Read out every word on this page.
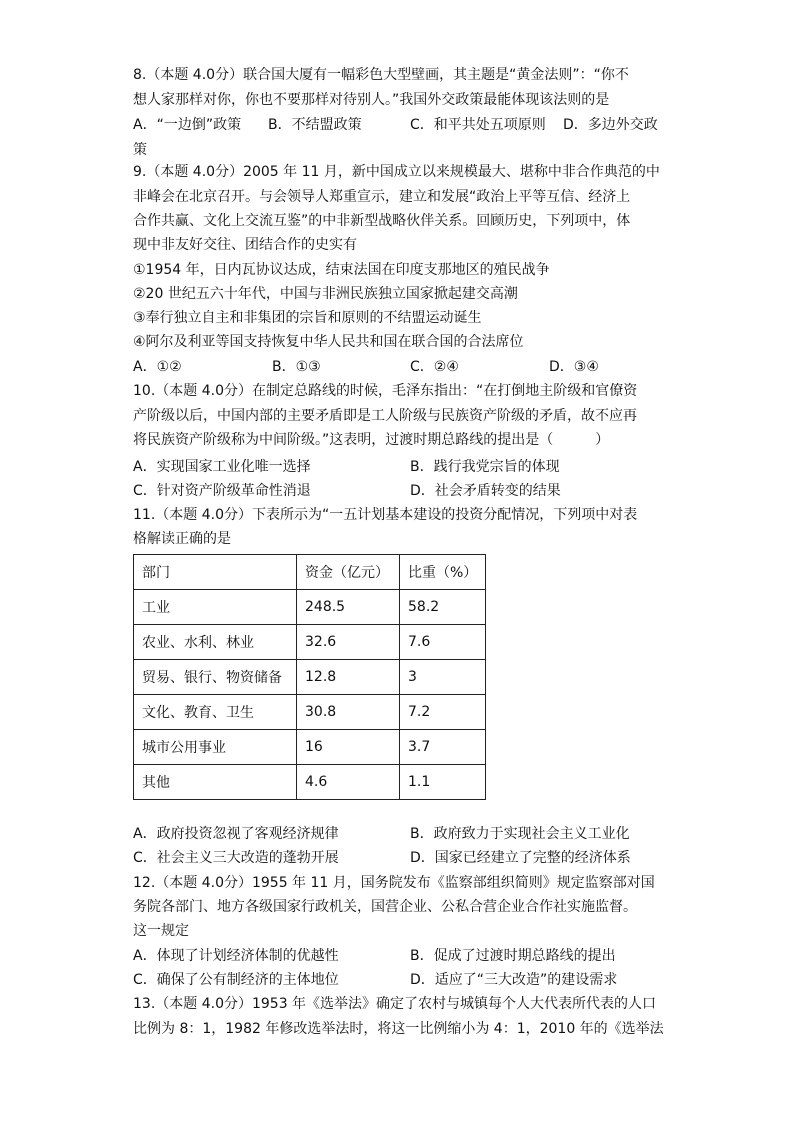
8.（本题 4.0分）联合国大厦有一幅彩色大型壁画，其主题是“黄金法则”：“你不
想人家那样对你，你也不要那样对待别人。”我国外交政策最能体现该法则的是
A．“一边倒”政策 B．不结盟政策	C．和平共处五项原则 D．多边外交政
策
9.（本题 4.0分）2005 年 11 月，新中国成立以来规模最大、堪称中非合作典范的中
非峰会在北京召开。与会领导人郑重宣示，建立和发展“政治上平等互信、经济上
合作共赢、文化上交流互鉴”的中非新型战略伙伴关系。回顾历史，下列项中，体
现中非友好交往、团结合作的史实有
①1954 年，日内瓦协议达成，结束法国在印度支那地区的殖民战争
②20 世纪五六十年代，中国与非洲民族独立国家掀起建交高潮
③奉行独立自主和非集团的宗旨和原则的不结盟运动诞生
④阿尔及利亚等国支持恢复中华人民共和国在联合国的合法席位
A．①②	B．①③	C．②④	D．③④
10.（本题 4.0分）在制定总路线的时候，毛泽东指出：“在打倒地主阶级和官僚资
产阶级以后，中国内部的主要矛盾即是工人阶级与民族资产阶级的矛盾，故不应再
将民族资产阶级称为中间阶级。”这表明，过渡时期总路线的提出是（　　　）
A．实现国家工业化唯一选择	B．践行我党宗旨的体现
C．针对资产阶级革命性消退	D．社会矛盾转变的结果
11.（本题 4.0分）下表所示为“一五计划基本建设的投资分配情况，下列项中对表
格解读正确的是
部门	资金（亿元）	比重（%）
工业	248.5	58.2
农业、水利、林业	32.6	7.6
贸易、银行、物资储备	12.8	3
文化、教育、卫生	30.8	7.2
城市公用事业	16	3.7
其他	4.6	1.1
A．政府投资忽视了客观经济规律	B．政府致力于实现社会主义工业化
C．社会主义三大改造的蓬勃开展	D．国家已经建立了完整的经济体系
12.（本题 4.0分）1955 年 11 月，国务院发布《监察部组织简则》规定监察部对国
务院各部门、地方各级国家行政机关，国营企业、公私合营企业合作社实施监督。
这一规定
A．体现了计划经济体制的优越性	B．促成了过渡时期总路线的提出
C．确保了公有制经济的主体地位	D．适应了“三大改造”的建设需求
13.（本题 4.0分）1953 年《选举法》确定了农村与城镇每个人大代表所代表的人口
比例为 8：1，1982 年修改选举法时，将这一比例缩小为 4：1，2010 年的《选举法
